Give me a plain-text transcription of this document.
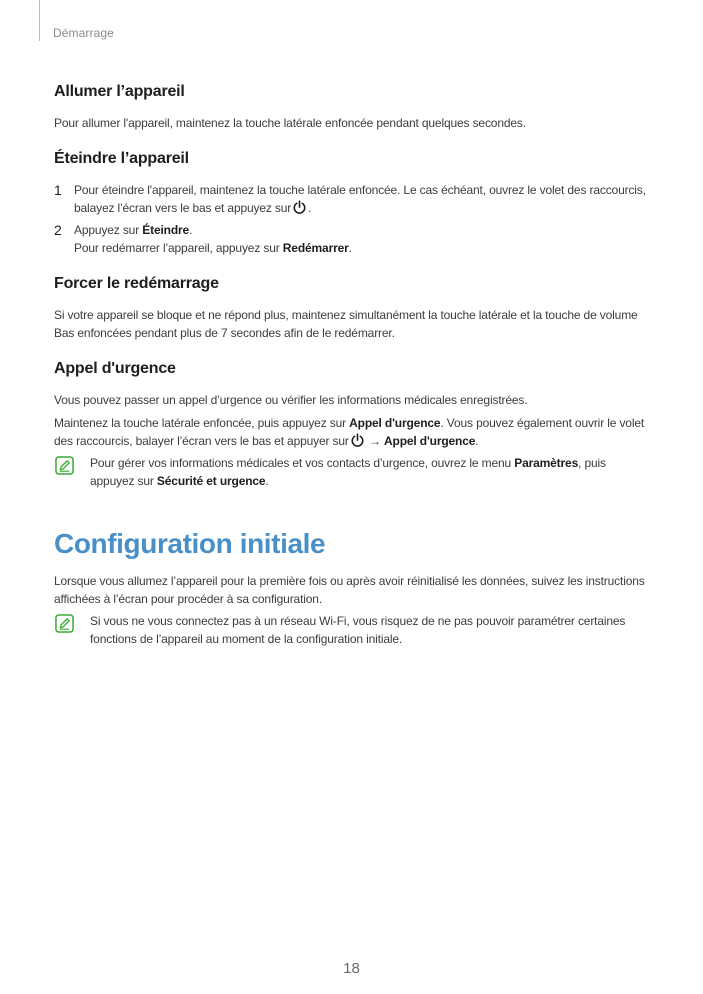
Démarrage
Allumer l’appareil

Pour allumer l'appareil, maintenez la touche latérale enfoncée pendant quelques secondes.

Éteindre l’appareil
1 Pour éteindre l'appareil, maintenez la touche latérale enfoncée. Le cas échéant, ouvrez le volet des raccourcis, balayez l’écran vers le bas et appuyez sur .

2 Appuyez sur Éteindre.
Pour redémarrer l’appareil, appuyez sur Redémarrer.

Forcer le redémarrage

Si votre appareil se bloque et ne répond plus, maintenez simultanément la touche latérale et la touche de volume Bas enfoncées pendant plus de 7 secondes afin de le redémarrer.

Appel d'urgence

Vous pouvez passer un appel d’urgence ou vérifier les informations médicales enregistrées.

Maintenez la touche latérale enfoncée, puis appuyez sur Appel d'urgence. Vous pouvez également ouvrir le volet des raccourcis, balayer l’écran vers le bas et appuyer sur → Appel d'urgence.

Pour gérer vos informations médicales et vos contacts d’urgence, ouvrez le menu Paramètres, puis appuyez sur Sécurité et urgence.

Configuration initiale

Lorsque vous allumez l’appareil pour la première fois ou après avoir réinitialisé les données, suivez les instructions affichées à l’écran pour procéder à sa configuration.

Si vous ne vous connectez pas à un réseau Wi-Fi, vous risquez de ne pas pouvoir paramétrer certaines fonctions de l’appareil au moment de la configuration initiale.

18
